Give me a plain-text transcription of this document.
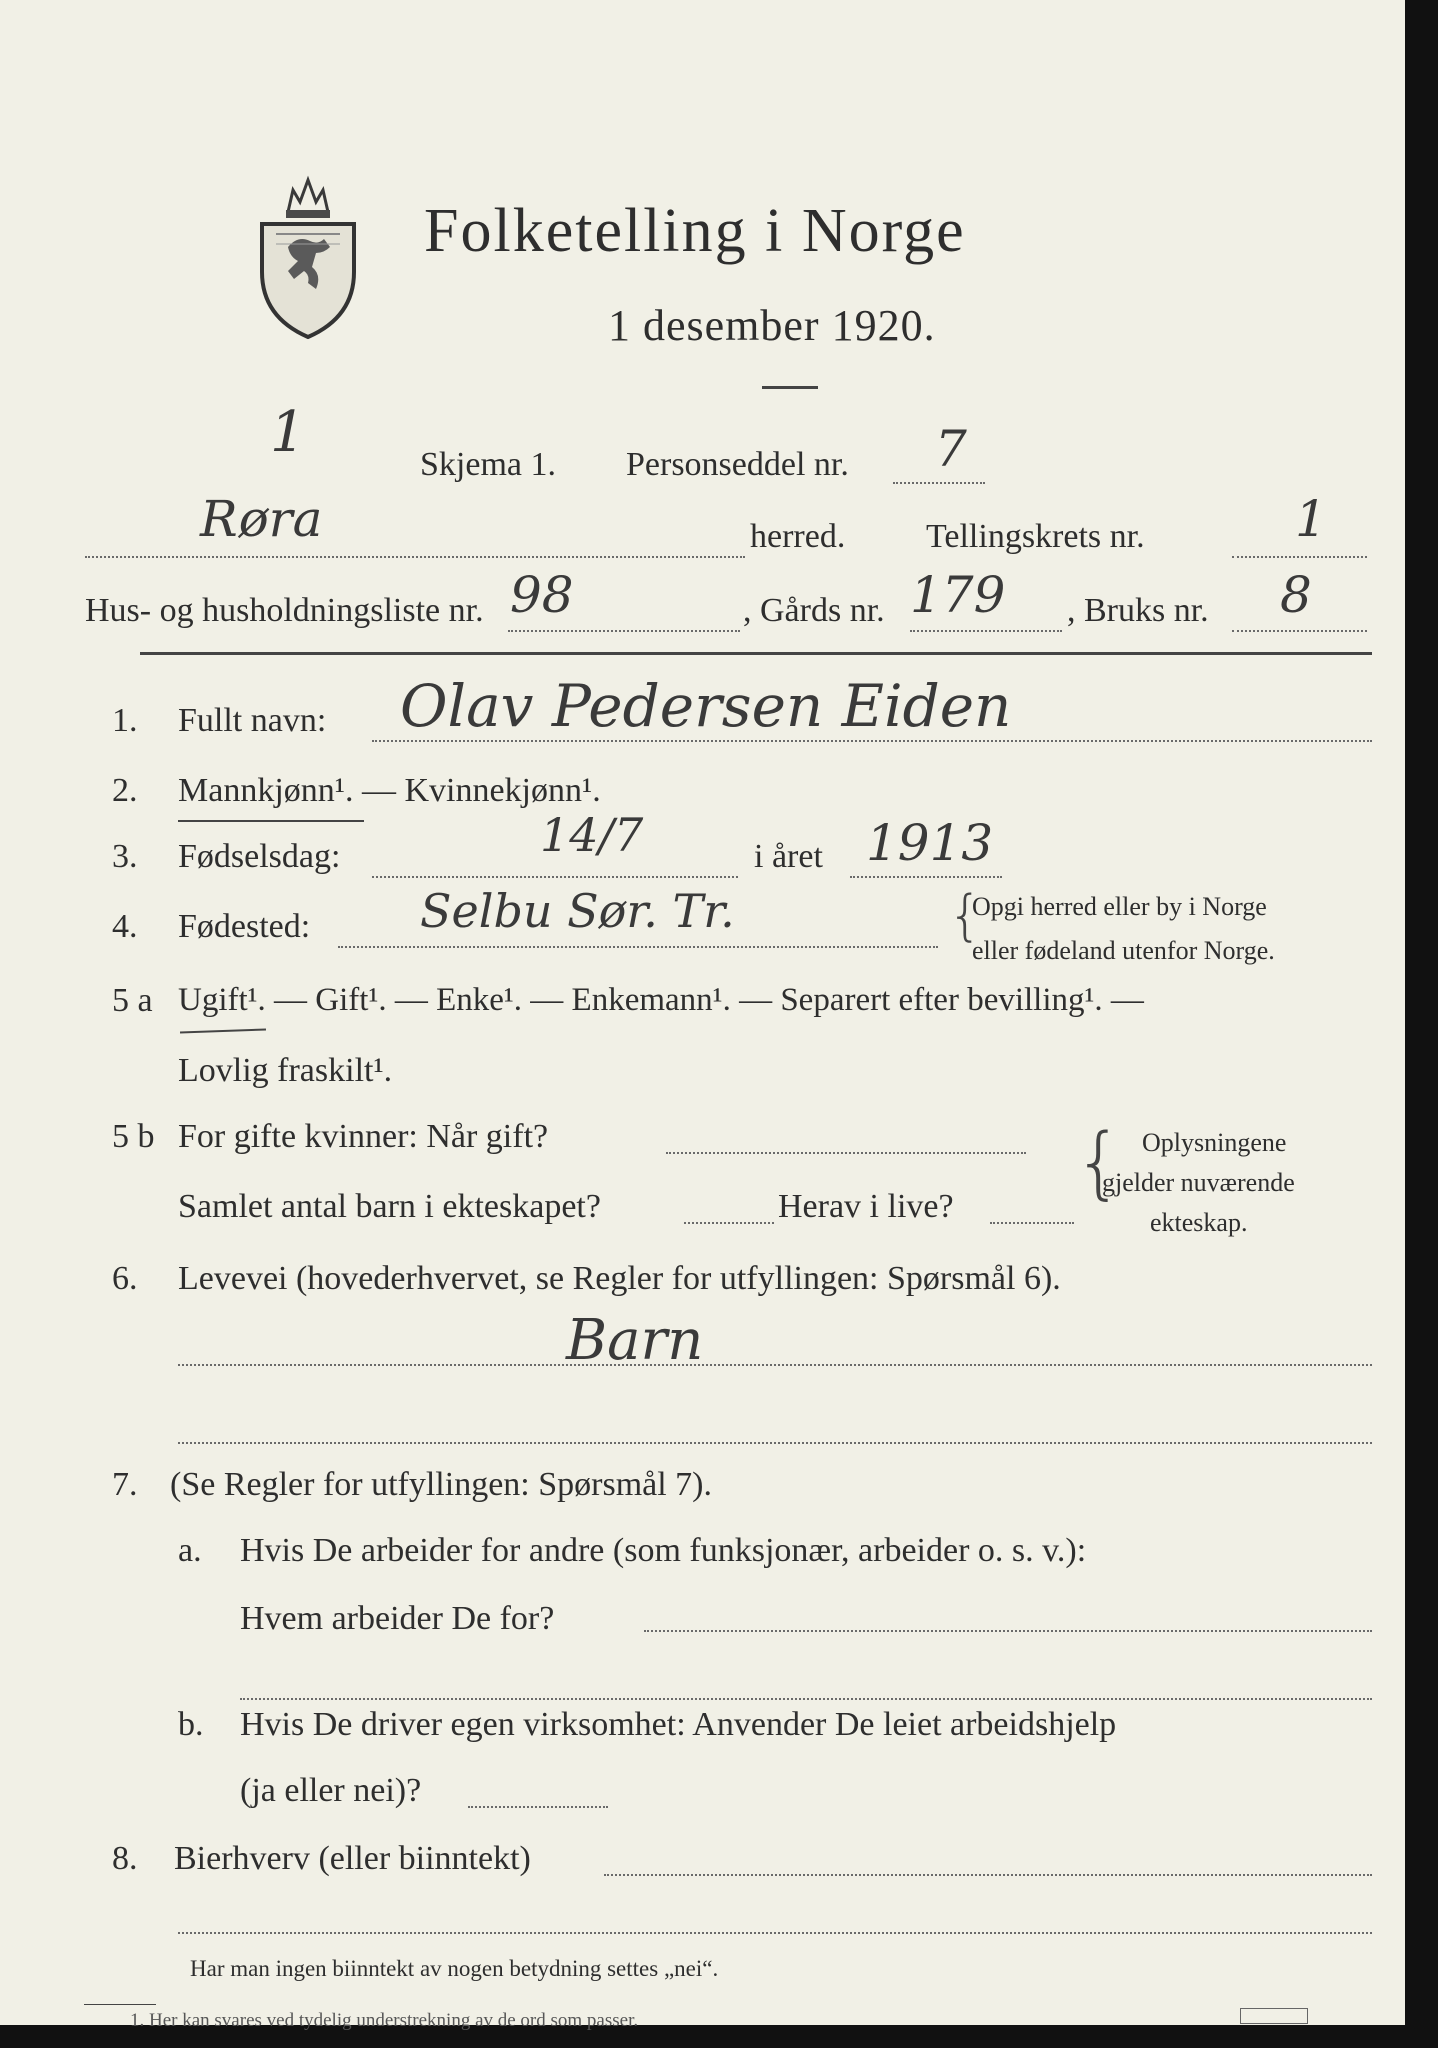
Folketelling i Norge
1 desember 1920.
Skjema 1. Personseddel nr. 7
1
Røra	herred. Tellingskrets nr.	1
Hus- og husholdningsliste nr. 98	, Gårds nr. 179 , Bruks nr. 8
1. Fullt navn: Olav Pedersen Eiden
2. Mannkjønn¹. — Kvinnekjønn¹.
3. Fødselsdag:	14/7	i året 1913
4. Fødested: Selbu Sør. Tr.	{
Opgi herred eller by i Norge
eller fødeland utenfor Norge.
5 a Ugift¹. — Gift¹. — Enke¹. — Enkemann¹. — Separert efter bevilling¹. —
Lovlig fraskilt¹.
5 b For gifte kvinner: Når gift?
Samlet antal barn i ekteskapet?	Herav i live? { Oplysningene
gjelder nuværende
ekteskap.
6. Levevei (hovederhvervet, se Regler for utfyllingen: Spørsmål 6).
Barn
7. (Se Regler for utfyllingen: Spørsmål 7).
a. Hvis De arbeider for andre (som funksjonær, arbeider o. s. v.):
Hvem arbeider De for?
b. Hvis De driver egen virksomhet: Anvender De leiet arbeidshjelp
(ja eller nei)?
8. Bierhverv (eller biinntekt)
Har man ingen biinntekt av nogen betydning settes „nei“.
1. Her kan svares ved tydelig understrekning av de ord som passer.
